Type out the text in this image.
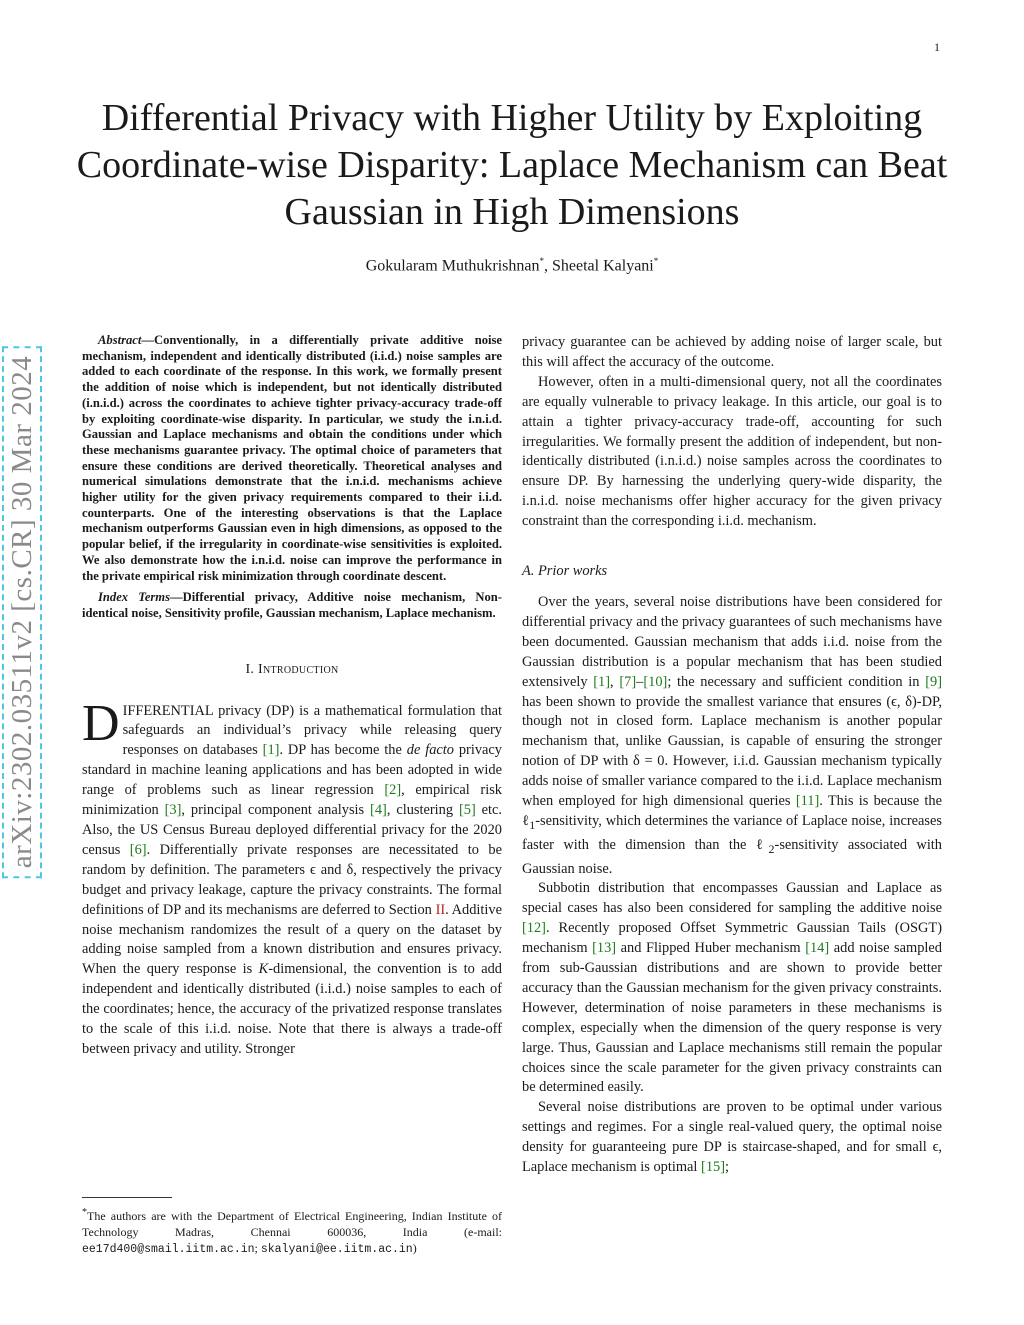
1
arXiv:2302.03511v2 [cs.CR] 30 Mar 2024
Differential Privacy with Higher Utility by Exploiting Coordinate-wise Disparity: Laplace Mechanism can Beat Gaussian in High Dimensions
Gokularam Muthukrishnan*, Sheetal Kalyani*

Abstract—Conventionally, in a differentially private additive noise mechanism, independent and identically distributed (i.i.d.) noise samples are added to each coordinate of the response. In this work, we formally present the addition of noise which is independent, but not identically distributed (i.n.i.d.) across the coordinates to achieve tighter privacy-accuracy trade-off by exploiting coordinate-wise disparity. In particular, we study the i.n.i.d. Gaussian and Laplace mechanisms and obtain the conditions under which these mechanisms guarantee privacy. The optimal choice of parameters that ensure these conditions are derived theoretically. Theoretical analyses and numerical simulations demonstrate that the i.n.i.d. mechanisms achieve higher utility for the given privacy requirements compared to their i.i.d. counterparts. One of the interesting observations is that the Laplace mechanism outperforms Gaussian even in high dimensions, as opposed to the popular belief, if the irregularity in coordinate-wise sensitivities is exploited. We also demonstrate how the i.n.i.d. noise can improve the performance in the private empirical risk minimization through coordinate descent.

Index Terms—Differential privacy, Additive noise mechanism, Non-identical noise, Sensitivity profile, Gaussian mechanism, Laplace mechanism.

I. Introduction

DIFFERENTIAL privacy (DP) is a mathematical formulation that safeguards an individual’s privacy while releasing query responses on databases [1]. DP has become the de facto privacy standard in machine leaning applications and has been adopted in wide range of problems such as linear regression [2], empirical risk minimization [3], principal component analysis [4], clustering [5] etc. Also, the US Census Bureau deployed differential privacy for the 2020 census [6]. Differentially private responses are necessitated to be random by definition. The parameters ϵ and δ, respectively the privacy budget and privacy leakage, capture the privacy constraints. The formal definitions of DP and its mechanisms are deferred to Section II. Additive noise mechanism randomizes the result of a query on the dataset by adding noise sampled from a known distribution and ensures privacy. When the query response is K-dimensional, the convention is to add independent and identically distributed (i.i.d.) noise samples to each of the coordinates; hence, the accuracy of the privatized response translates to the scale of this i.i.d. noise. Note that there is always a trade-off between privacy and utility. Stronger

*The authors are with the Department of Electrical Engineering, Indian Institute of Technology Madras, Chennai 600036, India (e-mail: ee17d400@smail.iitm.ac.in; skalyani@ee.iitm.ac.in)

privacy guarantee can be achieved by adding noise of larger scale, but this will affect the accuracy of the outcome.

However, often in a multi-dimensional query, not all the coordinates are equally vulnerable to privacy leakage. In this article, our goal is to attain a tighter privacy-accuracy trade-off, accounting for such irregularities. We formally present the addition of independent, but non-identically distributed (i.n.i.d.) noise samples across the coordinates to ensure DP. By harnessing the underlying query-wide disparity, the i.n.i.d. noise mechanisms offer higher accuracy for the given privacy constraint than the corresponding i.i.d. mechanism.

A. Prior works

Over the years, several noise distributions have been considered for differential privacy and the privacy guarantees of such mechanisms have been documented. Gaussian mechanism that adds i.i.d. noise from the Gaussian distribution is a popular mechanism that has been studied extensively [1], [7]–[10]; the necessary and sufficient condition in [9] has been shown to provide the smallest variance that ensures (ϵ, δ)-DP, though not in closed form. Laplace mechanism is another popular mechanism that, unlike Gaussian, is capable of ensuring the stronger notion of DP with δ = 0. However, i.i.d. Gaussian mechanism typically adds noise of smaller variance compared to the i.i.d. Laplace mechanism when employed for high dimensional queries [11]. This is because the ℓ$_1$-sensitivity, which determines the variance of Laplace noise, increases faster with the dimension than the ℓ$_2$-sensitivity associated with Gaussian noise.

Subbotin distribution that encompasses Gaussian and Laplace as special cases has also been considered for sampling the additive noise [12]. Recently proposed Offset Symmetric Gaussian Tails (OSGT) mechanism [13] and Flipped Huber mechanism [14] add noise sampled from sub-Gaussian distributions and are shown to provide better accuracy than the Gaussian mechanism for the given privacy constraints. However, determination of noise parameters in these mechanisms is complex, especially when the dimension of the query response is very large. Thus, Gaussian and Laplace mechanisms still remain the popular choices since the scale parameter for the given privacy constraints can be determined easily.

Several noise distributions are proven to be optimal under various settings and regimes. For a single real-valued query, the optimal noise density for guaranteeing pure DP is staircase-shaped, and for small ϵ, Laplace mechanism is optimal [15];
